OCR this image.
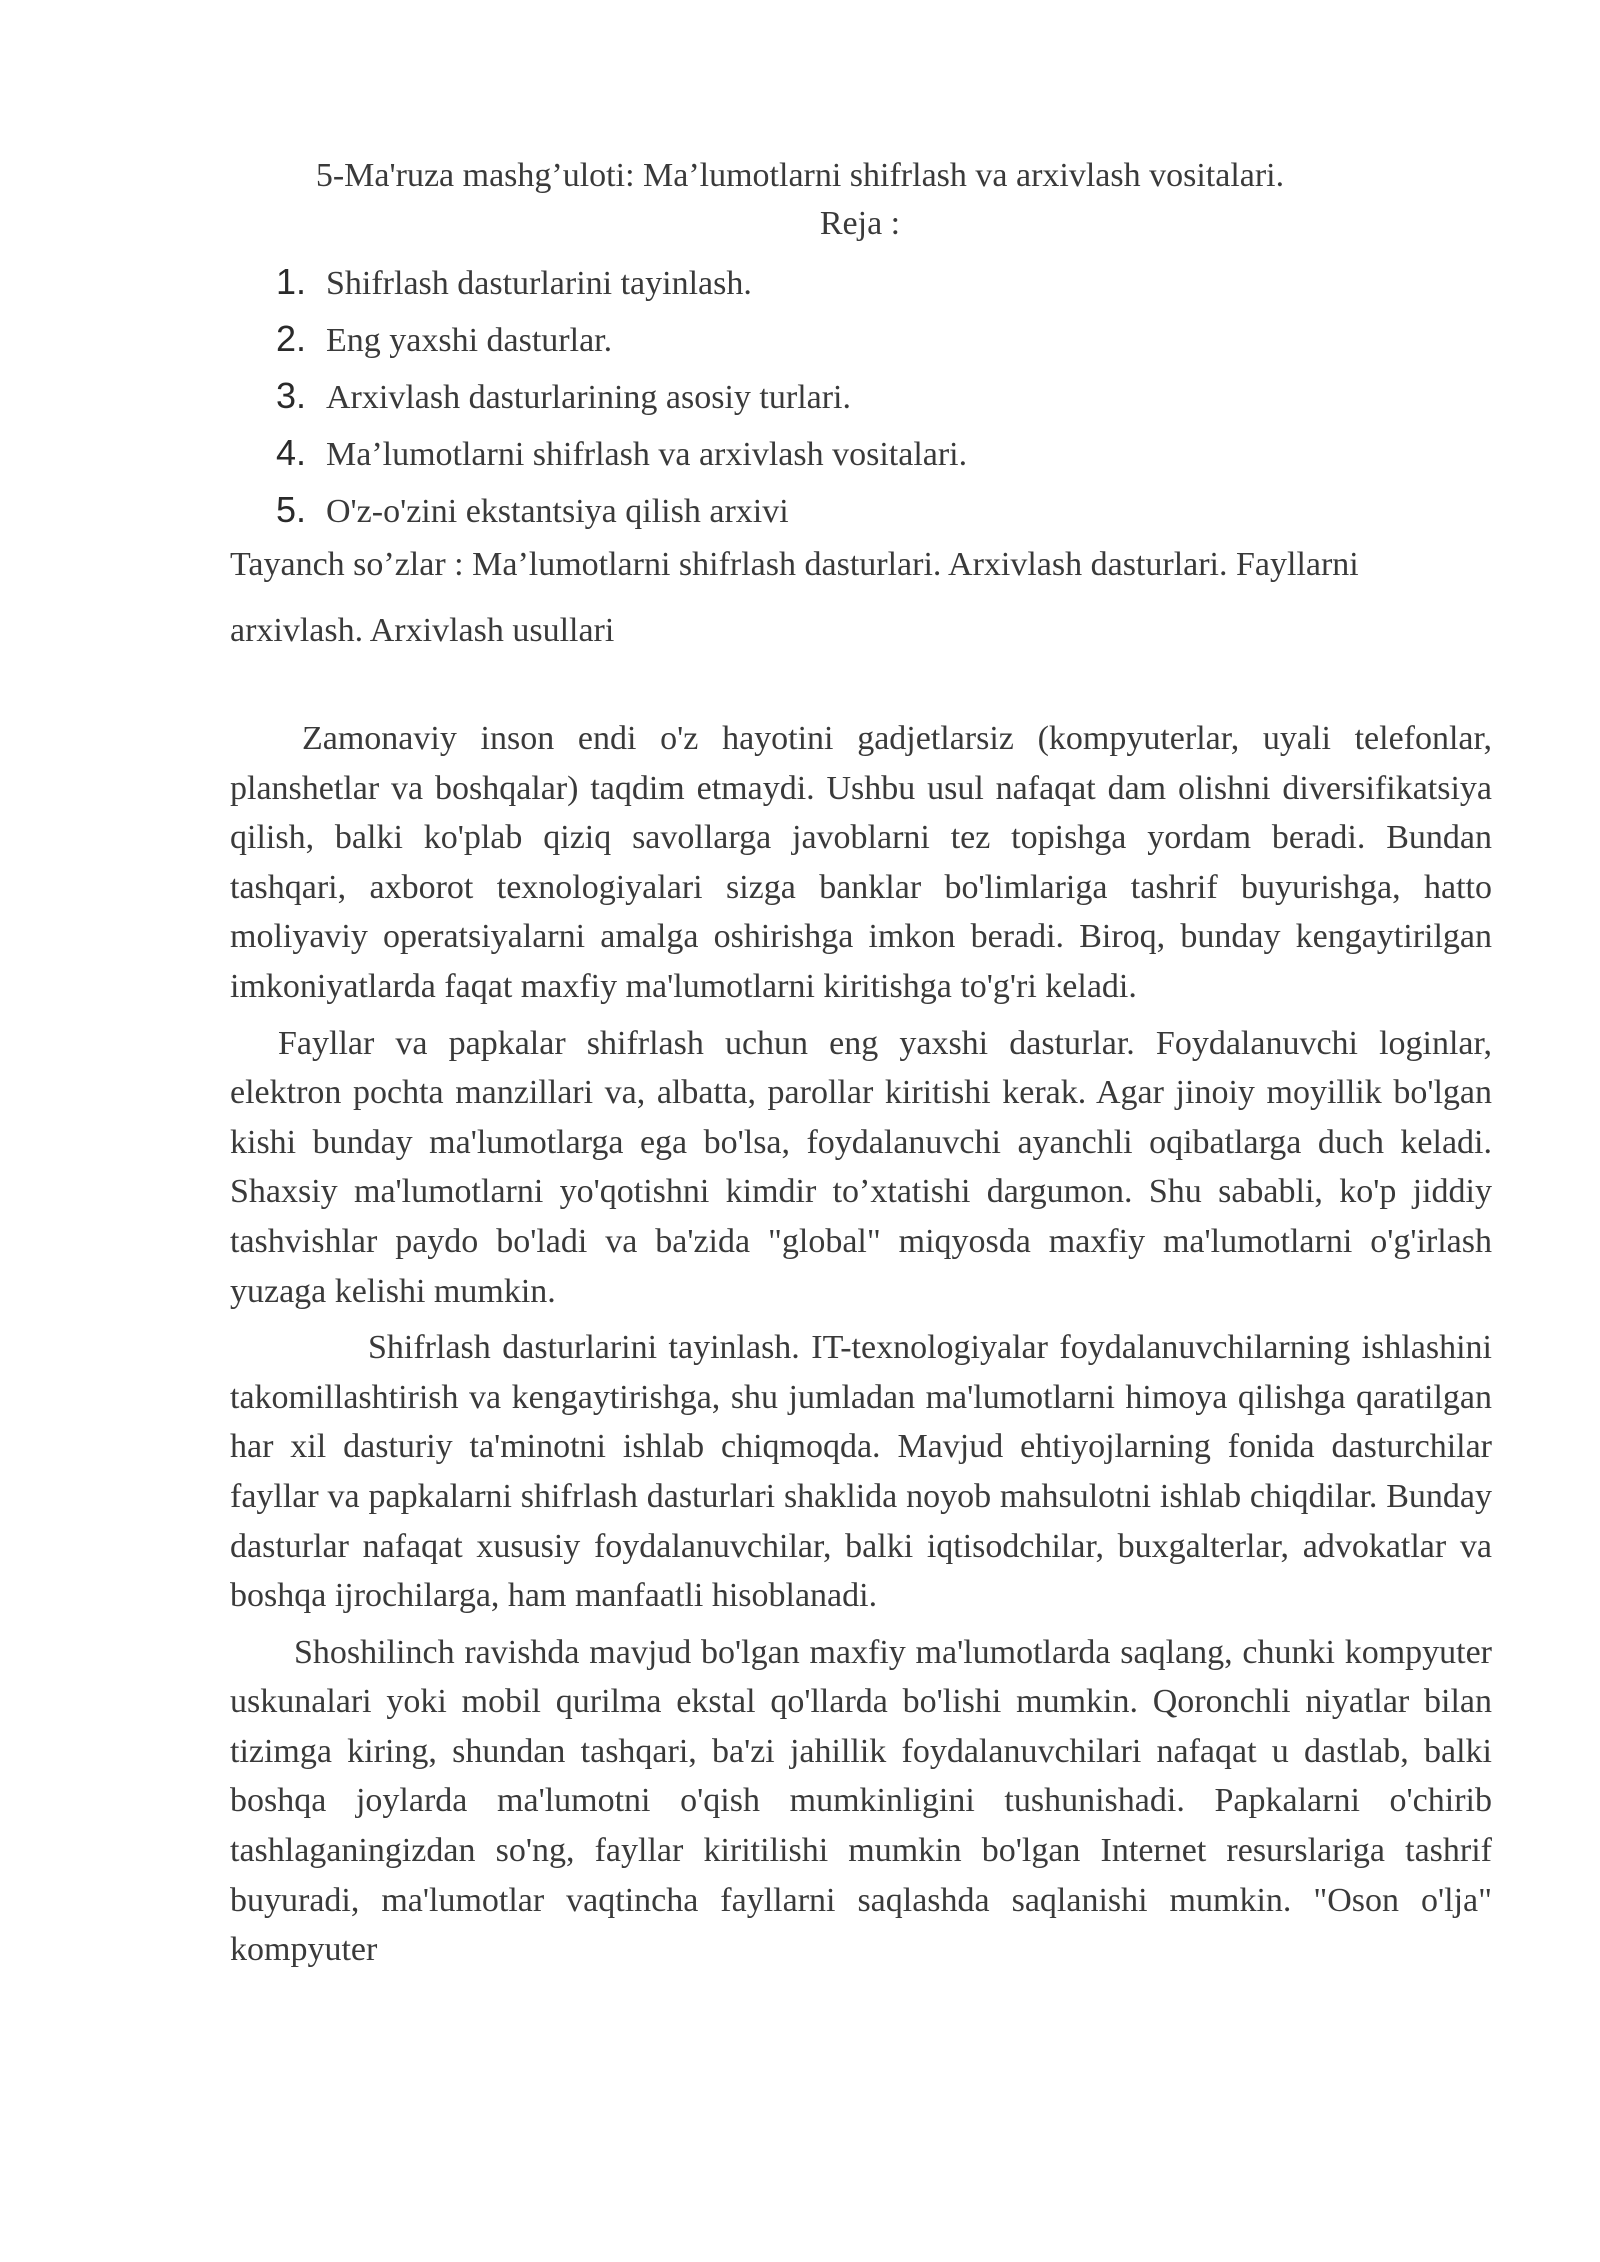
5-Ma'ruza mashg’uloti: Ma’lumotlarni shifrlash va arxivlash vositalari.
Reja :
1. Shifrlash dasturlarini tayinlash.
2. Eng yaxshi dasturlar.
3. Arxivlash dasturlarining asosiy turlari.
4. Ma’lumotlarni shifrlash va arxivlash vositalari.
5. O'z-o'zini ekstantsiya qilish arxivi
Tayanch so’zlar : Ma’lumotlarni shifrlash dasturlari. Arxivlash dasturlari. Fayllarni arxivlash. Arxivlash usullari

Zamonaviy inson endi o'z hayotini gadjetlarsiz (kompyuterlar, uyali telefonlar, planshetlar va boshqalar) taqdim etmaydi. Ushbu usul nafaqat dam olishni diversifikatsiya qilish, balki ko'plab qiziq savollarga javoblarni tez topishga yordam beradi. Bundan tashqari, axborot texnologiyalari sizga banklar bo'limlariga tashrif buyurishga, hatto moliyaviy operatsiyalarni amalga oshirishga imkon beradi. Biroq, bunday kengaytirilgan imkoniyatlarda faqat maxfiy ma'lumotlarni kiritishga to'g'ri keladi.

Fayllar va papkalar shifrlash uchun eng yaxshi dasturlar. Foydalanuvchi loginlar, elektron pochta manzillari va, albatta, parollar kiritishi kerak. Agar jinoiy moyillik bo'lgan kishi bunday ma'lumotlarga ega bo'lsa, foydalanuvchi ayanchli oqibatlarga duch keladi. Shaxsiy ma'lumotlarni yo'qotishni kimdir to’xtatishi dargumon. Shu sababli, ko'p jiddiy tashvishlar paydo bo'ladi va ba'zida "global" miqyosda maxfiy ma'lumotlarni o'g'irlash yuzaga kelishi mumkin.

Shifrlash dasturlarini tayinlash. IT-texnologiyalar foydalanuvchilarning ishlashini takomillashtirish va kengaytirishga, shu jumladan ma'lumotlarni himoya qilishga qaratilgan har xil dasturiy ta'minotni ishlab chiqmoqda. Mavjud ehtiyojlarning fonida dasturchilar fayllar va papkalarni shifrlash dasturlari shaklida noyob mahsulotni ishlab chiqdilar. Bunday dasturlar nafaqat xususiy foydalanuvchilar, balki iqtisodchilar, buxgalterlar, advokatlar va boshqa ijrochilarga, ham manfaatli hisoblanadi.

Shoshilinch ravishda mavjud bo'lgan maxfiy ma'lumotlarda saqlang, chunki kompyuter uskunalari yoki mobil qurilma ekstal qo'llarda bo'lishi mumkin. Qoronchli niyatlar bilan tizimga kiring, shundan tashqari, ba'zi jahillik foydalanuvchilari nafaqat u dastlab, balki boshqa joylarda ma'lumotni o'qish mumkinligini tushunishadi. Papkalarni o'chirib tashlaganingizdan so'ng, fayllar kiritilishi mumkin bo'lgan Internet resurslariga tashrif buyuradi, ma'lumotlar vaqtincha fayllarni saqlashda saqlanishi mumkin. "Oson o'lja" kompyuter
